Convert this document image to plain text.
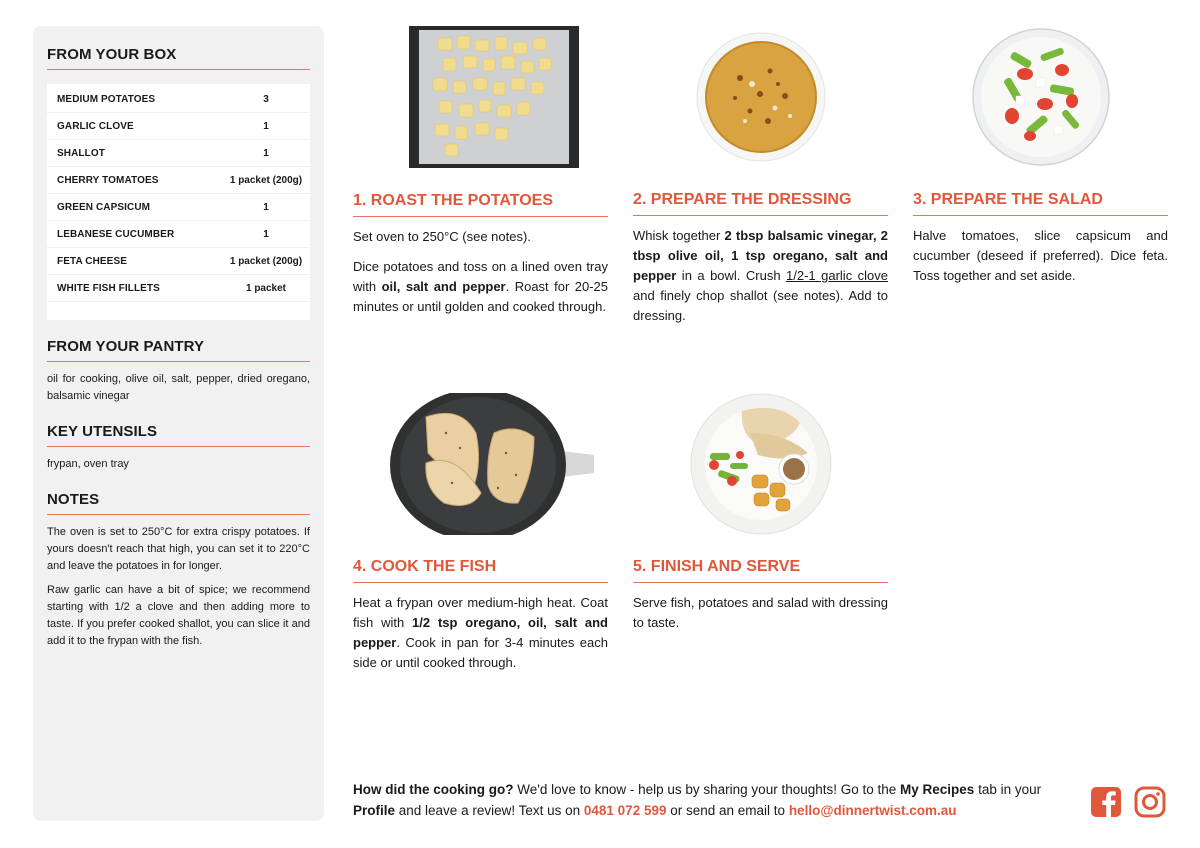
FROM YOUR BOX
MEDIUM POTATOES	3
GARLIC CLOVE	1
SHALLOT	1
CHERRY TOMATOES	1 packet (200g)
GREEN CAPSICUM	1
LEBANESE CUCUMBER	1
FETA CHEESE	1 packet (200g)
WHITE FISH FILLETS	1 packet
FROM YOUR PANTRY

oil for cooking, olive oil, salt, pepper, dried oregano, balsamic vinegar

KEY UTENSILS

frypan, oven tray

NOTES

The oven is set to 250°C for extra crispy potatoes. If yours doesn't reach that high, you can set it to 220°C and leave the potatoes in for longer.

Raw garlic can have a bit of spice; we recommend starting with 1/2 a clove and then adding more to taste. If you prefer cooked shallot, you can slice it and add it to the frypan with the fish.

1. ROAST THE POTATOES

Set oven to 250°C (see notes).

Dice potatoes and toss on a lined oven tray with oil, salt and pepper. Roast for 20-25 minutes or until golden and cooked through.

2. PREPARE THE DRESSING

Whisk together 2 tbsp balsamic vinegar, 2 tbsp olive oil, 1 tsp oregano, salt and pepper in a bowl. Crush 1/2-1 garlic clove and finely chop shallot (see notes). Add to dressing.

3. PREPARE THE SALAD

Halve tomatoes, slice capsicum and cucumber (deseed if preferred). Dice feta. Toss together and set aside.

4. COOK THE FISH

Heat a frypan over medium-high heat. Coat fish with 1/2 tsp oregano, oil, salt and pepper. Cook in pan for 3-4 minutes each side or until cooked through.

5. FINISH AND SERVE

Serve fish, potatoes and salad with dressing to taste.

How did the cooking go? We'd love to know - help us by sharing your thoughts! Go to the My Recipes tab in your Profile and leave a review! Text us on 0481 072 599 or send an email to hello@dinnertwist.com.au
